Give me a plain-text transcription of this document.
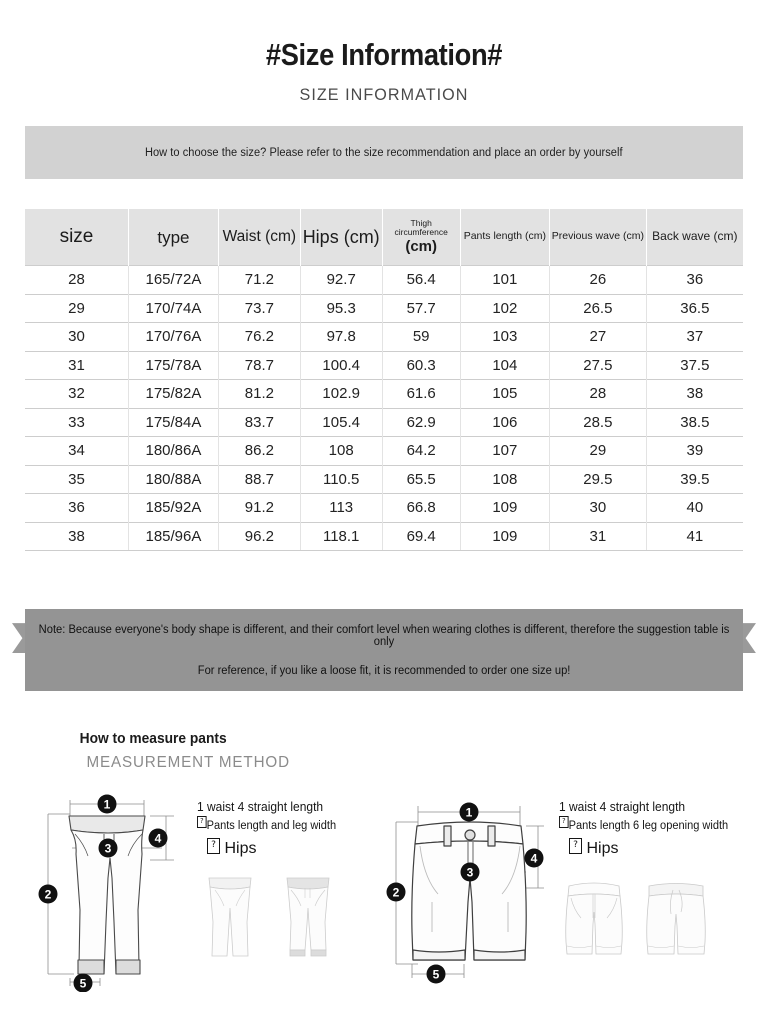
#Size Information#
SIZE INFORMATION
How to choose the size? Please refer to the size recommendation and place an order by yourself
size	type	Waist (cm)	Hips (cm)	Thigh circumference
(cm)	Pants length (cm)	Previous wave (cm)	Back wave (cm)
28	165/72A	71.2	92.7	56.4	101	26	36
29	170/74A	73.7	95.3	57.7	102	26.5	36.5
30	170/76A	76.2	97.8	59	103	27	37
31	175/78A	78.7	100.4	60.3	104	27.5	37.5
32	175/82A	81.2	102.9	61.6	105	28	38
33	175/84A	83.7	105.4	62.9	106	28.5	38.5
34	180/86A	86.2	108	64.2	107	29	39
35	180/88A	88.7	110.5	65.5	108	29.5	39.5
36	185/92A	91.2	113	66.8	109	30	40
38	185/96A	96.2	118.1	69.4	109	31	41
Note: Because everyone's body shape is different, and their comfort level when wearing clothes is different, therefore the suggestion table is only
For reference, if you like a loose fit, it is recommended to order one size up!
How to measure pants
MEASUREMENT METHOD
1
2
3
4
5
1 waist 4 straight length
? Pants length and leg width
? Hips
1
2
3
4
5
1 waist 4 straight length
? Pants length 6 leg opening width
? Hips
